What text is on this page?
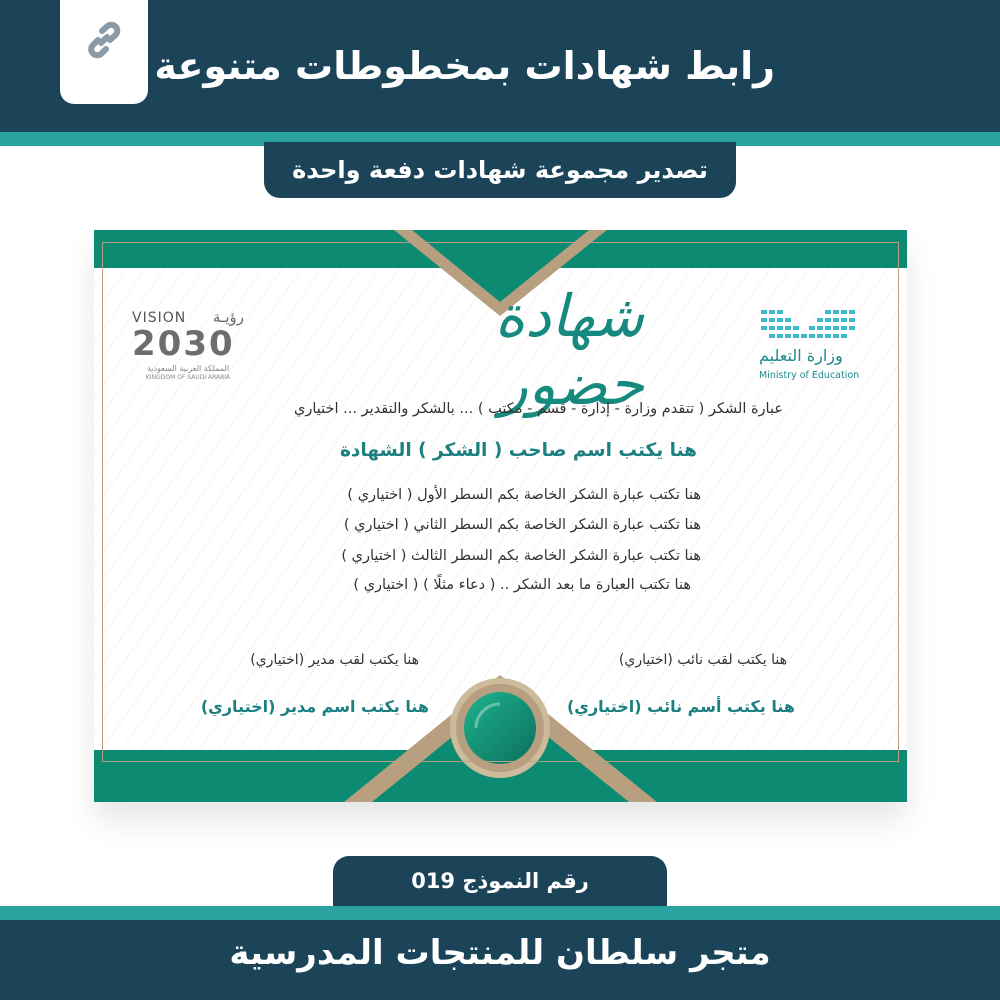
رابط شهادات بمخطوطات متنوعة
تصدير مجموعة شهادات دفعة واحدة
VISION رؤيـة
2030
المملكة العربية السعودية
KINGDOM OF SAUDI ARABIA
وزارة التعليم
Ministry of Education
شهادة حضور
عبارة الشكر ( تتقدم وزارة - إدارة - قسم - مكتب ) ... بالشكر والتقدير ... اختياري
هنا يكتب اسم صاحب ( الشكر ) الشهادة
هنا تكتب عبارة الشكر الخاصة بكم السطر الأول ( اختياري )
هنا تكتب عبارة الشكر الخاصة بكم السطر الثاني ( اختياري )
هنا تكتب عبارة الشكر الخاصة بكم السطر الثالث ( اختياري )
هنا تكتب العبارة ما بعد الشكر .. ( دعاء مثلًا ) ( اختياري )
هنا يكتب لقب نائب (اختياري)
هنا يكتب أسم نائب (اختياري)
هنا يكتب لقب مدير (اختياري)
هنا يكتب اسم مدير (اختياري)
رقم النموذج 019
متجر سلطان للمنتجات المدرسية
